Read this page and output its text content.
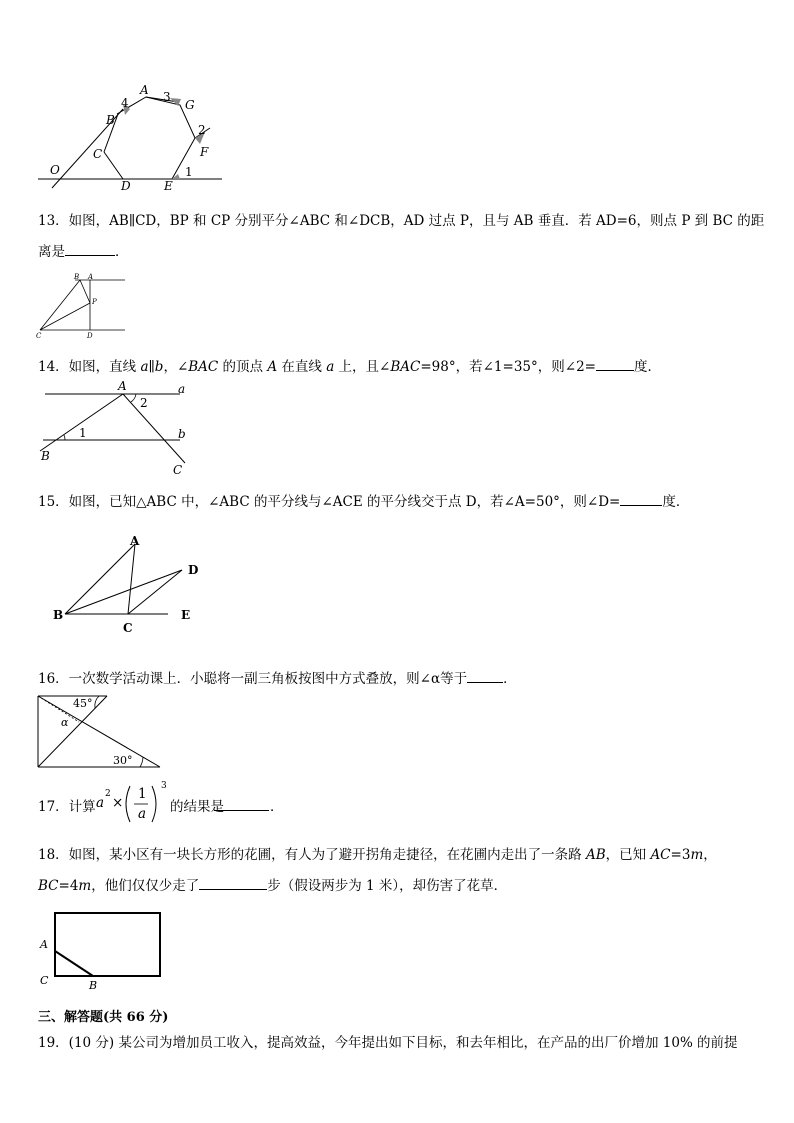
A 3
G
4
B
2
F
C
O	1
D	E
13．如图，AB∥CD，BP 和 CP 分别平分∠ABC 和∠DCB，AD 过点 P，且与 AB 垂直．若 AD=6，则点 P 到 BC 的距
离是	．
B A
P
C	D
14．如图，直线 a∥b，∠BAC 的顶点 A 在直线 a 上，且∠BAC=98°，若∠1=35°，则∠2=	度．
A	a
2
1	b
B
C
15．如图，已知△ABC 中，∠ABC 的平分线与∠ACE 的平分线交于点 D，若∠A=50°，则∠D=	度．
A
D
B
C
E
16．一次数学活动课上．小聪将一副三角板按图中方式叠放，则∠α等于	．
45°
α
30°
17．计算 a
2
×
1
a
3
的结果是	．
18．如图，某小区有一块长方形的花圃，有人为了避开拐角走捷径，在花圃内走出了一条路 AB，已知 AC=3m，
BC=4m，他们仅仅少走了	步（假设两步为 1 米），却伤害了花草．
A
C	B
三、解答题(共 66 分)
19．(10 分) 某公司为增加员工收入，提高效益，今年提出如下目标，和去年相比，在产品的出厂价增加 10% 的前提
